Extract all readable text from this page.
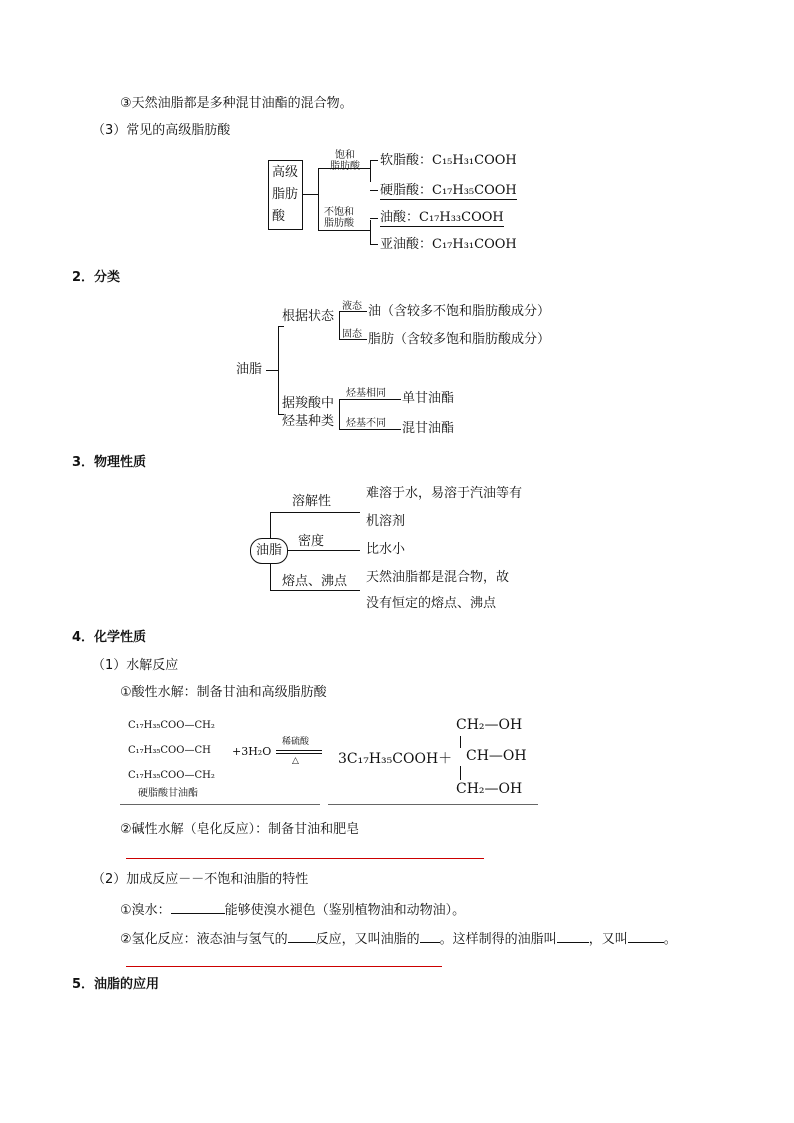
③天然油脂都是多种混甘油酯的混合物。
（3）常见的高级脂肪酸
高级
脂肪
酸
饱和
脂肪酸
不饱和
脂肪酸
软脂酸：C₁₅H₃₁COOH
硬脂酸：C₁₇H₃₅COOH
油酸：C₁₇H₃₃COOH
亚油酸：C₁₇H₃₁COOH
2．分类
油脂
根据状态
液态
固态
油（含较多不饱和脂肪酸成分）
脂肪（含较多饱和脂肪酸成分）
据羧酸中
烃基种类
烃基相同
烃基不同
单甘油酯
混甘油酯
3．物理性质
油脂
溶解性
密度
熔点、沸点
难溶于水，易溶于汽油等有
机溶剂
比水小
天然油脂都是混合物，故
没有恒定的熔点、沸点
4．化学性质
（1）水解反应
①酸性水解：制备甘油和高级脂肪酸
C₁₇H₃₅COO—CH₂
C₁₇H₃₅COO—CH
C₁₇H₃₅COO—CH₂
硬脂酸甘油酯
+3H₂O
稀硫酸
△	3C₁₇H₃₅COOH＋
CH₂—OH
CH—OH
CH₂—OH
②碱性水解（皂化反应）：制备甘油和肥皂
（2）加成反应－－不饱和油脂的特性
①溴水：	能够使溴水褪色（鉴别植物油和动物油）。
②氢化反应：液态油与氢气的 反应，又叫油脂的 。这样制得的油脂叫 ，又叫	。
5．油脂的应用
